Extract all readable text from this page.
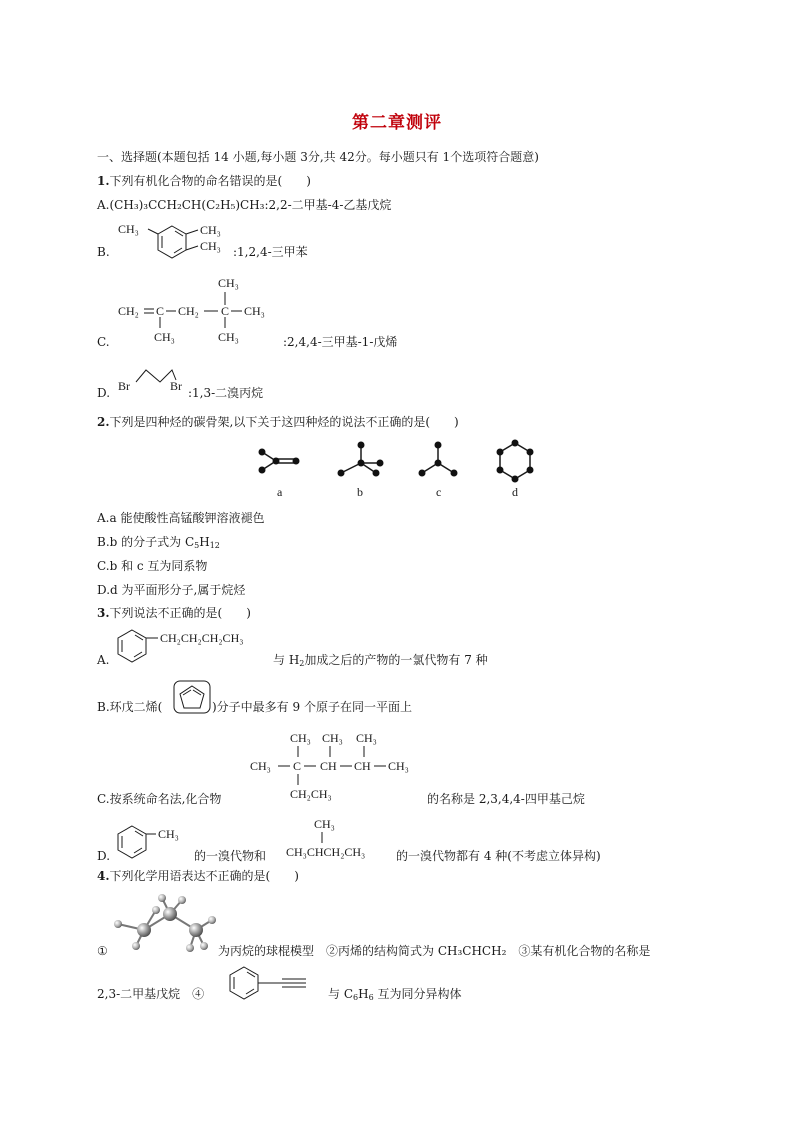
第二章测评
一、选择题(本题包括 14 小题,每小题 3分,共 42分。每小题只有 1个选项符合题意)
1.下列有机化合物的命名错误的是(　　)
A.(CH₃)₃CCH₂CH(C₂H₅)CH₃:2,2-二甲基-4-乙基戊烷
B.
CH₃	CH₃
CH₃ :1,2,4-三甲苯
C.
CH₂ C
CH₃
CH₂ C
CH₃
CH₃
CH₃
:2,4,4-三甲基-1-戊烯
D. Br	Br :1,3-二溴丙烷
2.下列是四种烃的碳骨架,以下关于这四种烃的说法不正确的是(　　)
a	b	c	d
A.a 能使酸性高锰酸钾溶液褪色
B.b 的分子式为 $C_5H_{12}$
C.b 和 c 互为同系物
D.d 为平面形分子,属于烷烃
3.下列说法不正确的是(　　)
A.
CH₂CH₂CH₂CH₃
与 $H_2$加成之后的产物的一氯代物有 7 种
B.环戊二烯(	)分子中最多有 9 个原子在同一平面上
C.按系统命名法,化合物
CH₃ CH₃ CH₃
CH₃ C CH CH CH₃
CH₂CH₃	的名称是 2,3,4,4-四甲基己烷
D.
CH₃
的一溴代物和
CH₃
CH₃CHCH₂CH₃	的一溴代物都有 4 种(不考虑立体异构)
4.下列化学用语表达不正确的是(　　)
①	为丙烷的球棍模型　②丙烯的结构简式为 CH₃CHCH₂　③某有机化合物的名称是
2,3-二甲基戊烷　④	与 $C_6H_6$ 互为同分异构体
